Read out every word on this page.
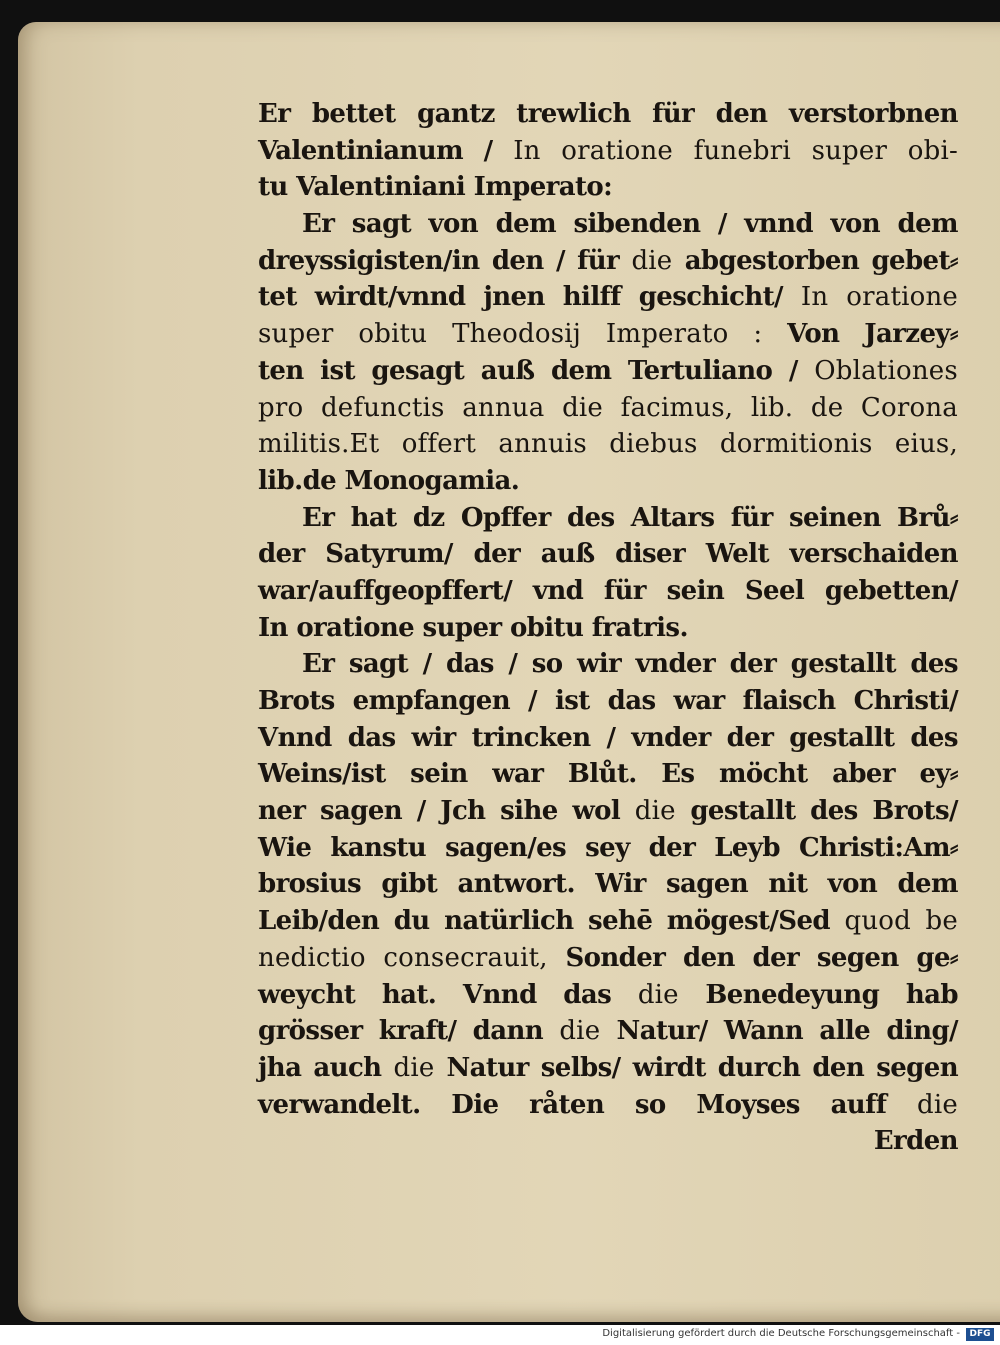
Er bettet gantz trewlich für den verstorbnen
Valentinianum / In oratione funebri super obi-
tu Valentiniani Imperato:
Er sagt von dem sibenden / vnnd von dem
dreyssigisten/in den / für die abgestorben gebet⸗
tet wirdt/vnnd jnen hilff geschicht/ In oratione
super obitu Theodosij Imperato : Von Jarzey⸗
ten ist gesagt auß dem Tertuliano / Oblationes
pro defunctis annua die facimus, lib. de Corona
militis.Et offert annuis diebus dormitionis eius,
lib.de Monogamia.
Er hat dz Opffer des Altars für seinen Brů⸗
der Satyrum/ der auß diser Welt verschaiden
war/auffgeopffert/ vnd für sein Seel gebetten/
In oratione super obitu fratris.
Er sagt / das / so wir vnder der gestallt des
Brots empfangen / ist das war flaisch Christi/
Vnnd das wir trincken / vnder der gestallt des
Weins/ist sein war Blůt. Es möcht aber ey⸗
ner sagen / Jch sihe wol die gestallt des Brots/
Wie kanstu sagen/es sey der Leyb Christi:Am⸗
brosius gibt antwort. Wir sagen nit von dem
Leib/den du natürlich sehē mögest/Sed quod be
nedictio consecrauit, Sonder den der segen ge⸗
weycht hat. Vnnd das die Benedeyung hab
grösser kraft/ dann die Natur/ Wann alle ding/
jha auch die Natur selbs/ wirdt durch den segen
verwandelt. Die råten so Moyses auff die
Erden
Digitalisierung gefördert durch die Deutsche Forschungsgemeinschaft -	DFG
